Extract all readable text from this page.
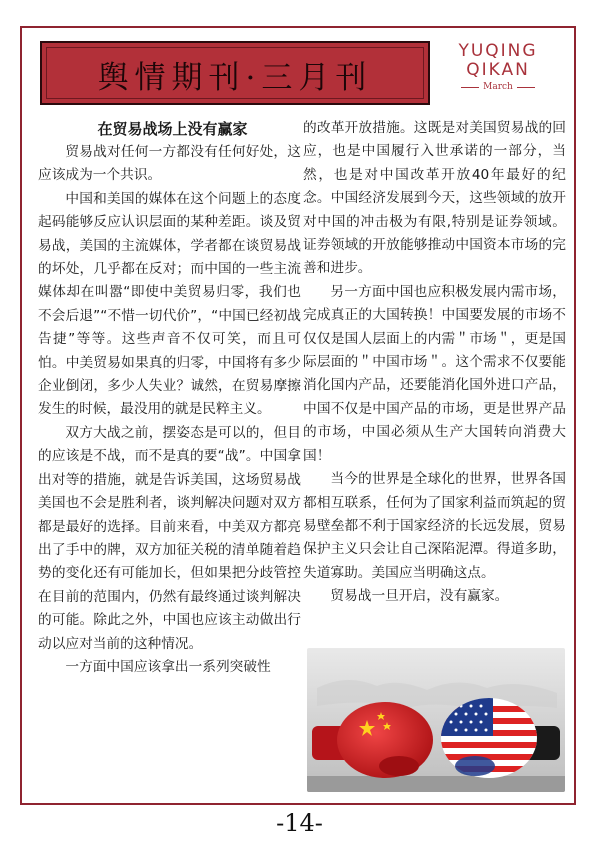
舆情期刊·三月刊
YUQING
QIKAN
March
在贸易战场上没有赢家

贸易战对任何一方都没有任何好处，这应该成为一个共识。

中国和美国的媒体在这个问题上的态度起码能够反应认识层面的某种差距。谈及贸易战，美国的主流媒体，学者都在谈贸易战的坏处，几乎都在反对；而中国的一些主流媒体却在叫嚣“即使中美贸易归零，我们也不会后退”“不惜一切代价”，“中国已经初战告捷”等等。这些声音不仅可笑，而且可怕。中美贸易如果真的归零，中国将有多少企业倒闭，多少人失业？诚然，在贸易摩擦发生的时候，最没用的就是民粹主义。

双方大战之前，摆姿态是可以的，但目的应该是不战，而不是真的要“战”。中国拿出对等的措施，就是告诉美国，这场贸易战美国也不会是胜利者，谈判解决问题对双方都是最好的选择。目前来看，中美双方都亮出了手中的牌，双方加征关税的清单随着趋势的变化还有可能加长，但如果把分歧管控在目前的范围内，仍然有最终通过谈判解决的可能。除此之外，中国也应该主动做出行动以应对当前的这种情况。

一方面中国应该拿出一系列突破性

的改革开放措施。这既是对美国贸易战的回应，也是中国履行入世承诺的一部分，当然，也是对中国改革开放40年最好的纪念。中国经济发展到今天，这些领域的放开对中国的冲击极为有限,特别是证券领域。证券领域的开放能够推动中国资本市场的完善和进步。

另一方面中国也应积极发展内需市场，完成真正的大国转换！中国要发展的市场不仅仅是国人层面上的内需＂市场＂，更是国际层面的＂中国市场＂。这个需求不仅要能消化国内产品，还要能消化国外进口产品，中国不仅是中国产品的市场，更是世界产品的市场，中国必须从生产大国转向消费大国！

当今的世界是全球化的世界，世界各国都相互联系，任何为了国家利益而筑起的贸易壁垒都不利于国家经济的长远发展，贸易保护主义只会让自己深陷泥潭。得道多助，失道寡助。美国应当明确这点。

贸易战一旦开启，没有赢家。

-14-
